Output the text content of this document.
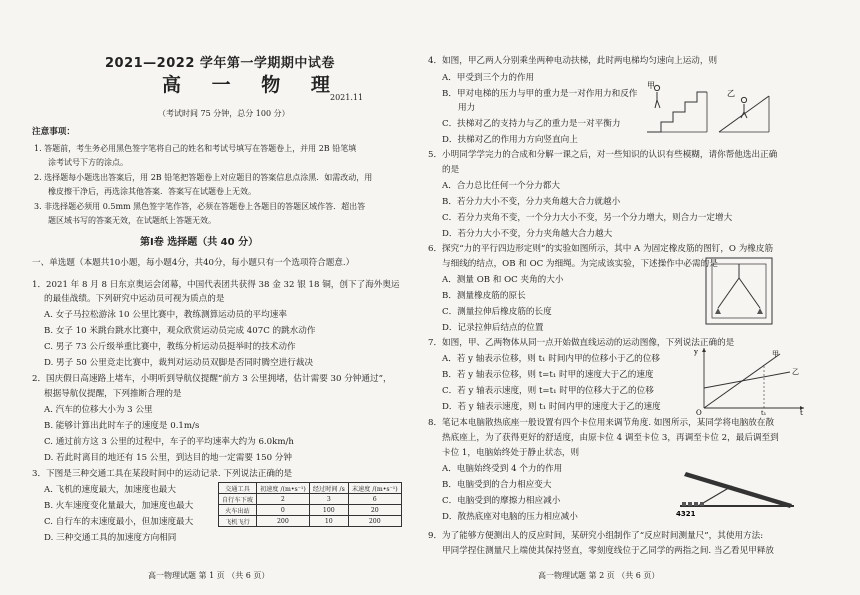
2021—2022 学年第一学期期中试卷
高 一 物 理
2021.11
（考试时间 75 分钟，总分 100 分）
注意事项：
1. 答题前，考生务必用黑色签字笔将自己的姓名和考试号填写在答题卷上，并用 2B 铅笔填
涂考试号下方的涂点。
2. 选择题每小题选出答案后，用 2B 铅笔把答题卷上对应题目的答案信息点涂黑．如需改动，用
橡皮擦干净后，再选涂其他答案．答案写在试题卷上无效。
3. 非选择题必须用 0.5mm 黑色签字笔作答，必须在答题卷上各题目的答题区域作答．超出答
题区域书写的答案无效，在试题纸上答题无效。
第Ⅰ卷 选择题（共 40 分）
一、单选题（本题共10小题，每小题4分，共40分，每小题只有一个选项符合题意.）
1．2021 年 8 月 8 日东京奥运会闭幕，中国代表团共获得 38 金 32 银 18 铜，创下了海外奥运
的最佳战绩。下列研究中运动员可视为质点的是
A. 女子马拉松游泳 10 公里比赛中，教练测算运动员的平均速率
B. 女子 10 米跳台跳水比赛中，观众欣赏运动员完成 407C 的跳水动作
C. 男子 73 公斤级举重比赛中，教练分析运动员挺举时的技术动作
D. 男子 50 公里竞走比赛中，裁判对运动员双脚是否同时腾空进行裁决
2．国庆假日高速路上堵车，小明听到导航仪提醒“前方 3 公里拥堵，估计需要 30 分钟通过”，
根据导航仪提醒，下列推断合理的是
A. 汽车的位移大小为 3 公里
B. 能够计算出此时车子的速度是 0.1m/s
C. 通过前方这 3 公里的过程中，车子的平均速率大约为 6.0km/h
D. 若此时离目的地还有 15 公里，到达目的地一定需要 150 分钟
3．下图是三种交通工具在某段时间中的运动记录. 下列说法正确的是
A. 飞机的速度最大，加速度也最大
B. 火车速度变化量最大，加速度也最大
C. 自行车的末速度最小，但加速度最大
D. 三种交通工具的加速度方向相同
交通工具	初速度 /(m•s⁻¹)	经过时间 /s	末速度 /(m•s⁻¹)
自行车下坡	2	3	6
火车出站	0	100	20
飞机飞行	200	10	200
高一物理试题 第 1 页 （共 6 页）
4．如图，甲乙两人分别乘坐两种电动扶梯，此时两电梯均匀速向上运动，则
A．甲受到三个力的作用
B．甲对电梯的压力与甲的重力是一对作用力和反作
用力
C．扶梯对乙的支持力与乙的重力是一对平衡力
D．扶梯对乙的作用力方向竖直向上
甲
乙
5．小明同学学完力的合成和分解一课之后，对一些知识的认识有些模糊，请你帮他选出正确
的是
A．合力总比任何一个分力都大
B．若分力大小不变，分力夹角越大合力就越小
C．若分力夹角不变，一个分力大小不变，另一个分力增大，则合力一定增大
D．若分力大小不变，分力夹角越大合力越大
6．探究“力的平行四边形定则”的实验如图所示，其中 A 为固定橡皮筋的图钉，O 为橡皮筋
与细线的结点，OB 和 OC 为细绳。为完成该实验，下述操作中必需的是
A．测量 OB 和 OC 夹角的大小
B．测量橡皮筋的原长
C．测量拉伸后橡皮筋的长度
D．记录拉伸后结点的位置
7．如图，甲、乙两物体从同一点开始做直线运动的运动图像，下列说法正确的是
A．若 y 轴表示位移，则 t₁ 时间内甲的位移小于乙的位移
B．若 y 轴表示位移，则 t=t₁ 时甲的速度大于乙的速度
C．若 y 轴表示速度，则 t=t₁ 时甲的位移大于乙的位移
D．若 y 轴表示速度，则 t₁ 时间内甲的速度大于乙的速度
y	甲
乙
O	t₁	t
8．笔记本电脑散热底座一般设置有四个卡位用来调节角度. 如图所示，某同学将电脑放在散
热底座上，为了获得更好的舒适度，由原卡位 4 调至卡位 3，再调至卡位 2，最后调至到
卡位 1，电脑始终处于静止状态，则
A．电脑始终受到 4 个力的作用
B．电脑受到的合力相应变大
C．电脑受到的摩擦力相应减小
D．散热底座对电脑的压力相应减小	4321
9．为了能够方便测出人的反应时间，某研究小组制作了“反应时间测量尺”，其使用方法:
甲同学捏住测量尺上端使其保持竖直，零刻度线位于乙同学的两指之间. 当乙看见甲释放
高一物理试题 第 2 页 （共 6 页）
